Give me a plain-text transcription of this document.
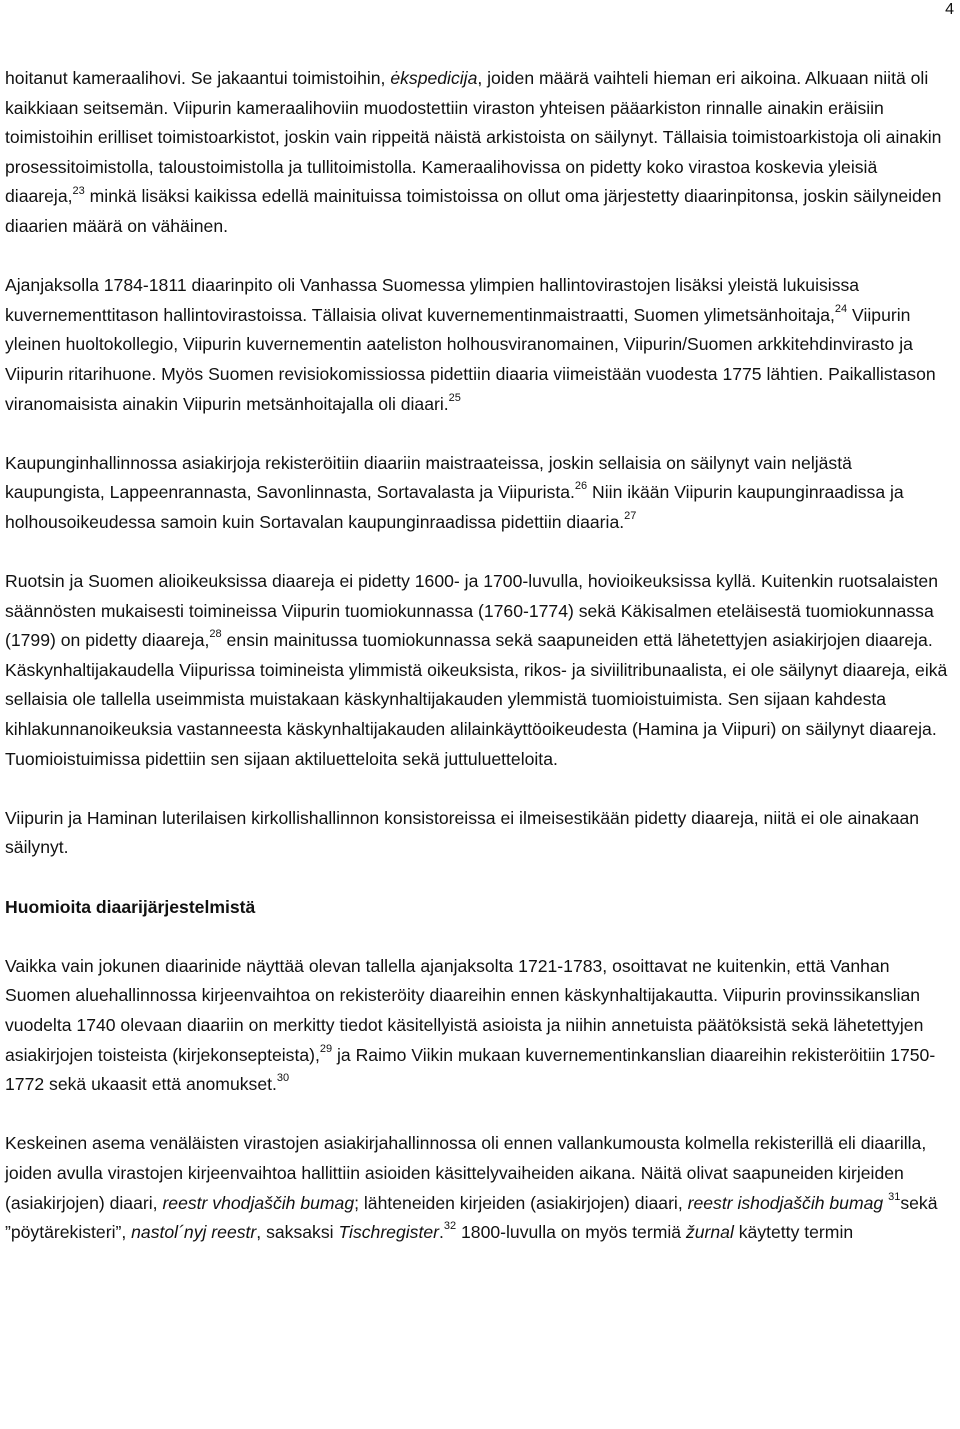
4

hoitanut kameraalihovi. Se jakaantui toimistoihin, ėkspedicija, joiden määrä vaihteli hieman eri aikoina. Alkuaan niitä oli kaikkiaan seitsemän. Viipurin kameraalihoviin muodostettiin viraston yhteisen pääarkiston rinnalle ainakin eräisiin toimistoihin erilliset toimistoarkistot, joskin vain rippeitä näistä arkistoista on säilynyt. Tällaisia toimistoarkistoja oli ainakin prosessitoimistolla, taloustoimistolla ja tullitoimistolla. Kameraalihovissa on pidetty koko virastoa koskevia yleisiä diaareja,$^{23}$ minkä lisäksi kaikissa edellä mainituissa toimistoissa on ollut oma järjestetty diaarinpitonsa, joskin säilyneiden diaarien määrä on vähäinen.

Ajanjaksolla 1784-1811 diaarinpito oli Vanhassa Suomessa ylimpien hallintovirastojen lisäksi yleistä lukuisissa kuvernementtitason hallintovirastoissa. Tällaisia olivat kuvernementinmaistraatti, Suomen ylimetsänhoitaja,$^{24}$ Viipurin yleinen huoltokollegio, Viipurin kuvernementin aateliston holhousviranomainen, Viipurin/Suomen arkkitehdinvirasto ja Viipurin ritarihuone. Myös Suomen revisiokomissiossa pidettiin diaaria viimeistään vuodesta 1775 lähtien. Paikallistason viranomaisista ainakin Viipurin metsänhoitajalla oli diaari.$^{25}$

Kaupunginhallinnossa asiakirjoja rekisteröitiin diaariin maistraateissa, joskin sellaisia on säilynyt vain neljästä kaupungista, Lappeenrannasta, Savonlinnasta, Sortavalasta ja Viipurista.$^{26}$ Niin ikään Viipurin kaupunginraadissa ja holhousoikeudessa samoin kuin Sortavalan kaupunginraadissa pidettiin diaaria.$^{27}$

Ruotsin ja Suomen alioikeuksissa diaareja ei pidetty 1600- ja 1700-luvulla, hovioikeuksissa kyllä. Kuitenkin ruotsalaisten säännösten mukaisesti toimineissa Viipurin tuomiokunnassa (1760-1774) sekä Käkisalmen eteläisestä tuomiokunnassa (1799) on pidetty diaareja,$^{28}$ ensin mainitussa tuomiokunnassa sekä saapuneiden että lähetettyjen asiakirjojen diaareja. Käskynhaltijakaudella Viipurissa toimineista ylimmistä oikeuksista, rikos- ja siviilitribunaalista, ei ole säilynyt diaareja, eikä sellaisia ole tallella useimmista muistakaan käskynhaltijakauden ylemmistä tuomioistuimista. Sen sijaan kahdesta kihlakunnanoikeuksia vastanneesta käskynhaltijakauden alilainkäyttöoikeudesta (Hamina ja Viipuri) on säilynyt diaareja. Tuomioistuimissa pidettiin sen sijaan aktiluetteloita sekä juttuluetteloita.

Viipurin ja Haminan luterilaisen kirkollishallinnon konsistoreissa ei ilmeisestikään pidetty diaareja, niitä ei ole ainakaan säilynyt.

Huomioita diaarijärjestelmistä

Vaikka vain jokunen diaarinide näyttää olevan tallella ajanjaksolta 1721-1783, osoittavat ne kuitenkin, että Vanhan Suomen aluehallinnossa kirjeenvaihtoa on rekisteröity diaareihin ennen käskynhaltijakautta. Viipurin provinssikanslian vuodelta 1740 olevaan diaariin on merkitty tiedot käsitellyistä asioista ja niihin annetuista päätöksistä sekä lähetettyjen asiakirjojen toisteista (kirjekonsepteista),$^{29}$ ja Raimo Viikin mukaan kuvernementinkanslian diaareihin rekisteröitiin 1750-1772 sekä ukaasit että anomukset.$^{30}$

Keskeinen asema venäläisten virastojen asiakirjahallinnossa oli ennen vallankumousta kolmella rekisterillä eli diaarilla, joiden avulla virastojen kirjeenvaihtoa hallittiin asioiden käsittelyvaiheiden aikana. Näitä olivat saapuneiden kirjeiden (asiakirjojen) diaari, reestr vhodjaščih bumag; lähteneiden kirjeiden (asiakirjojen) diaari, reestr ishodjaščih bumag $^{31}$sekä ”pöytärekisteri”, nastol´nyj reestr, saksaksi Tischregister.$^{32}$ 1800-luvulla on myös termiä žurnal käytetty termin
